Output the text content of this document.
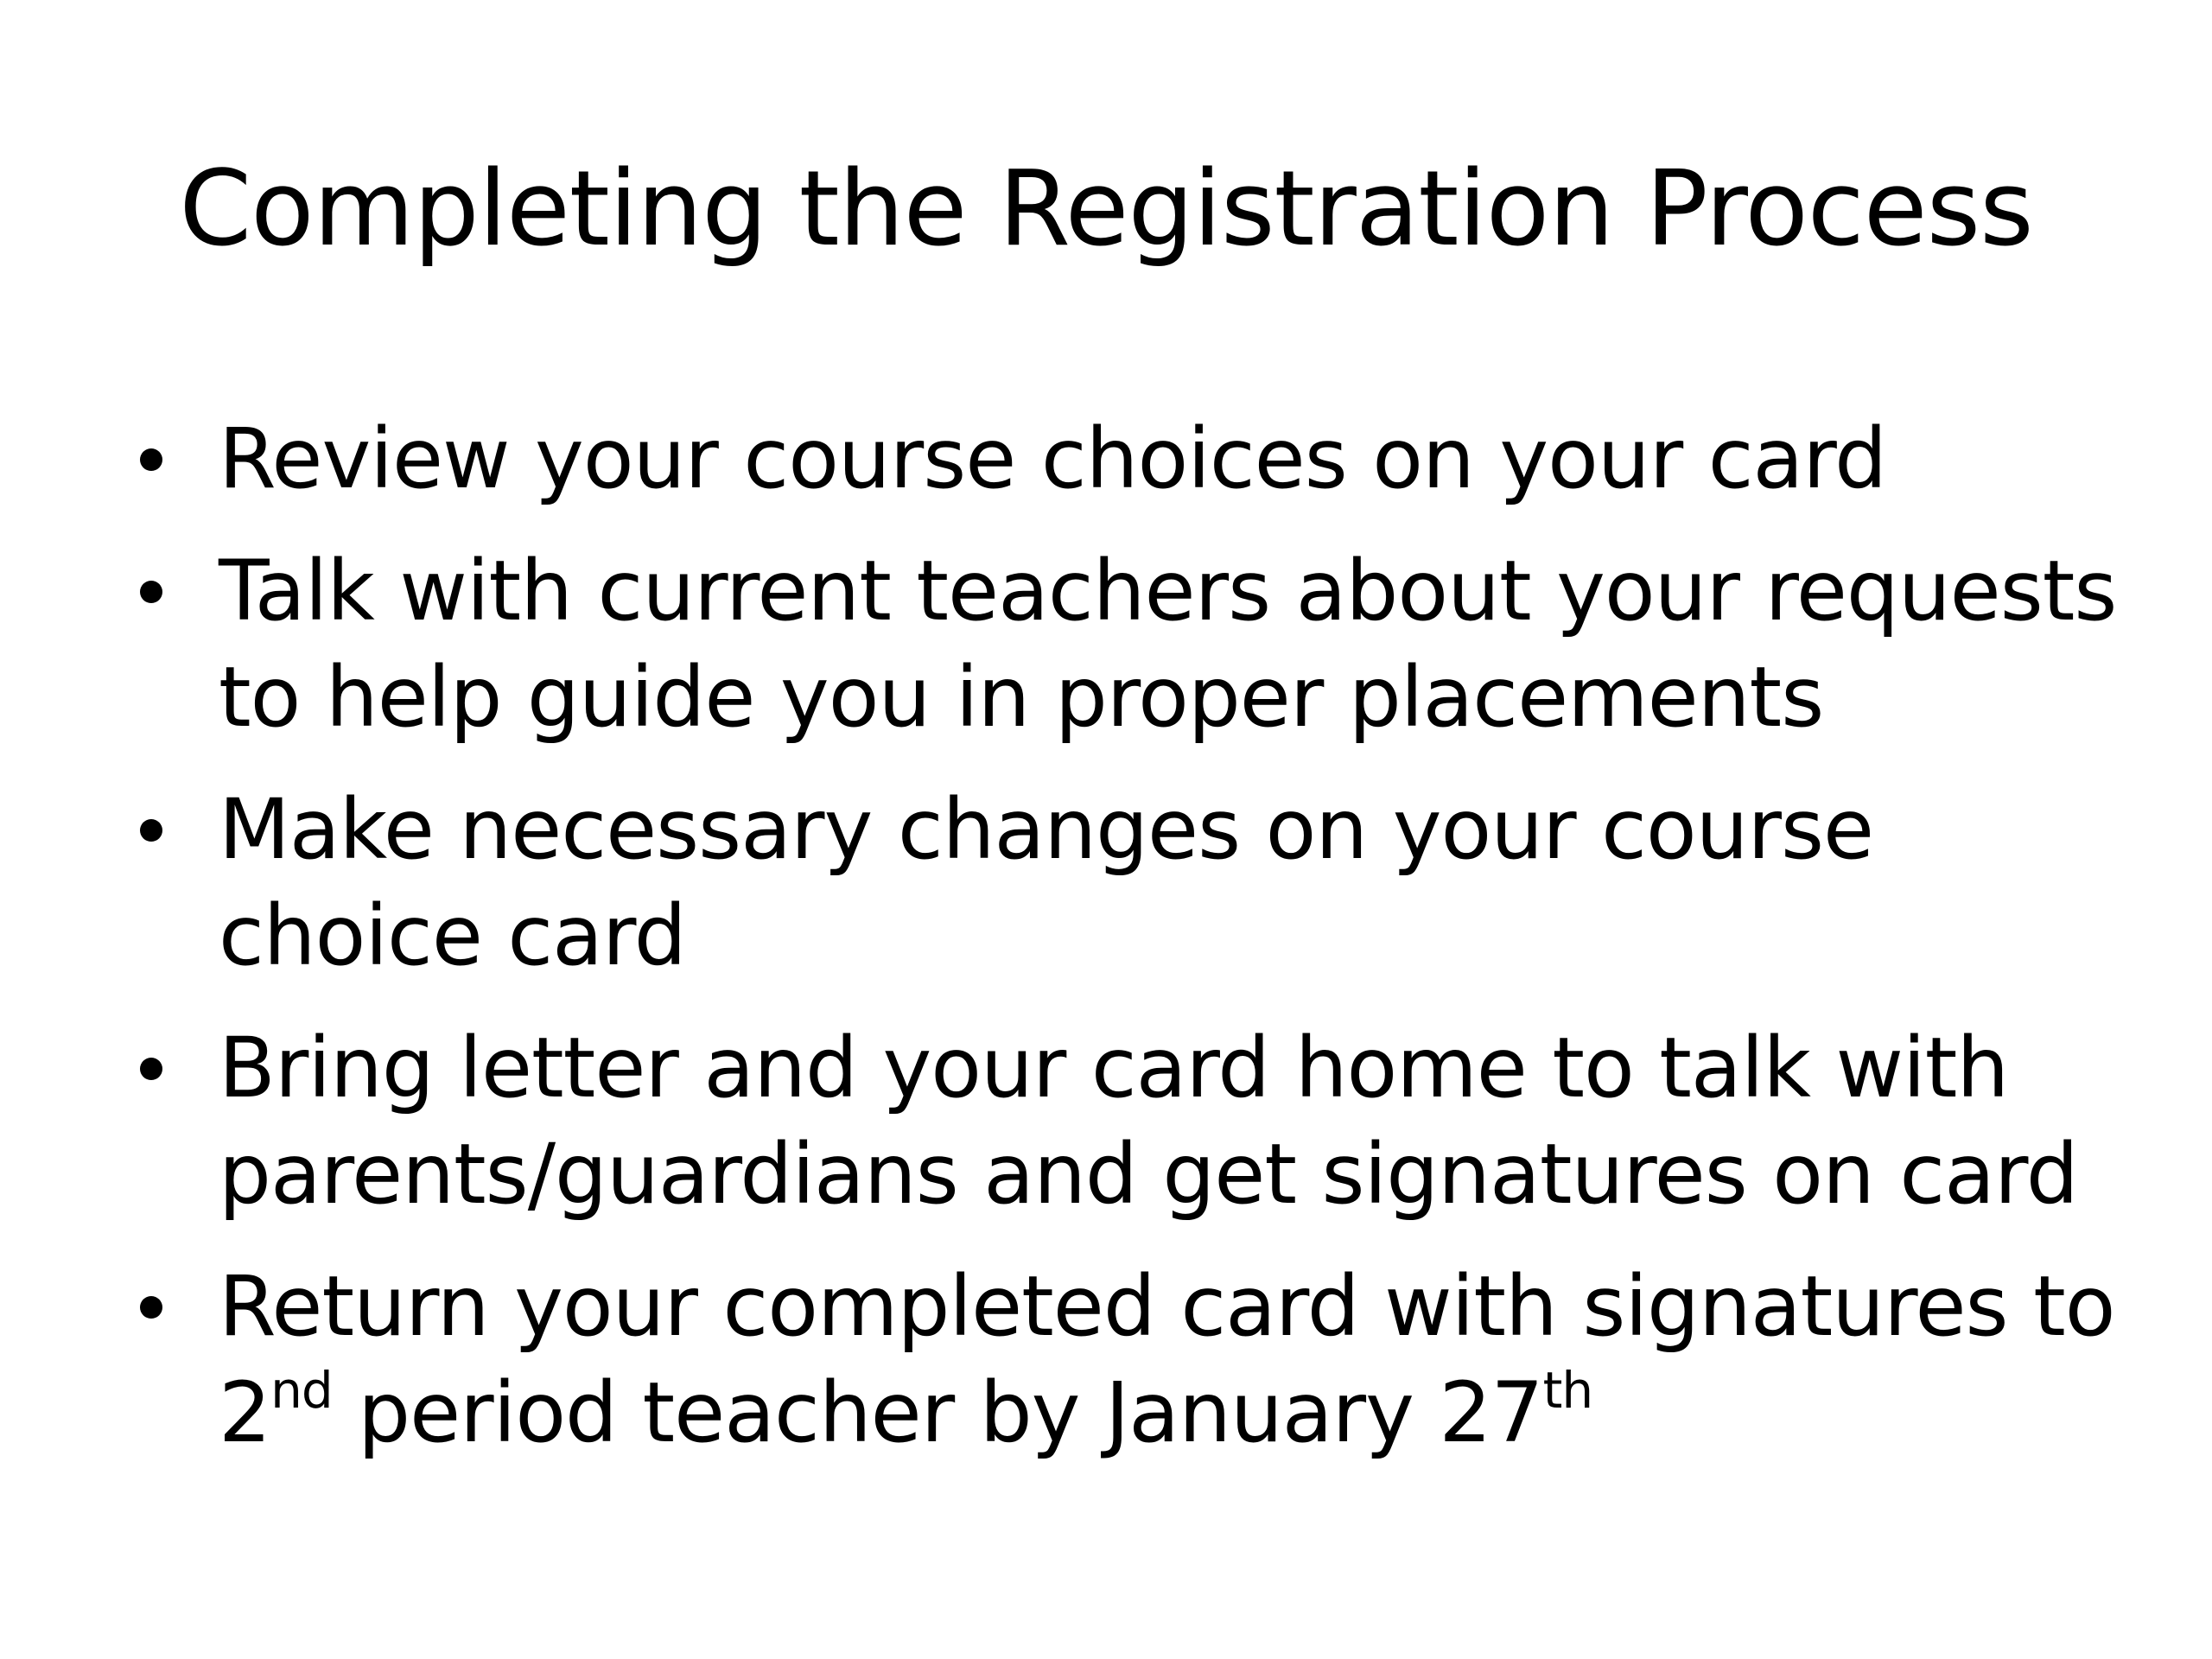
Completing the Registration Process
Review your course choices on your card
Talk with current teachers about your requests
to help guide you in proper placements
Make necessary changes on your course
choice card
Bring letter and your card home to talk with
parents/guardians and get signatures on card
Return your completed card with signatures to
2nd period teacher by January 27th
